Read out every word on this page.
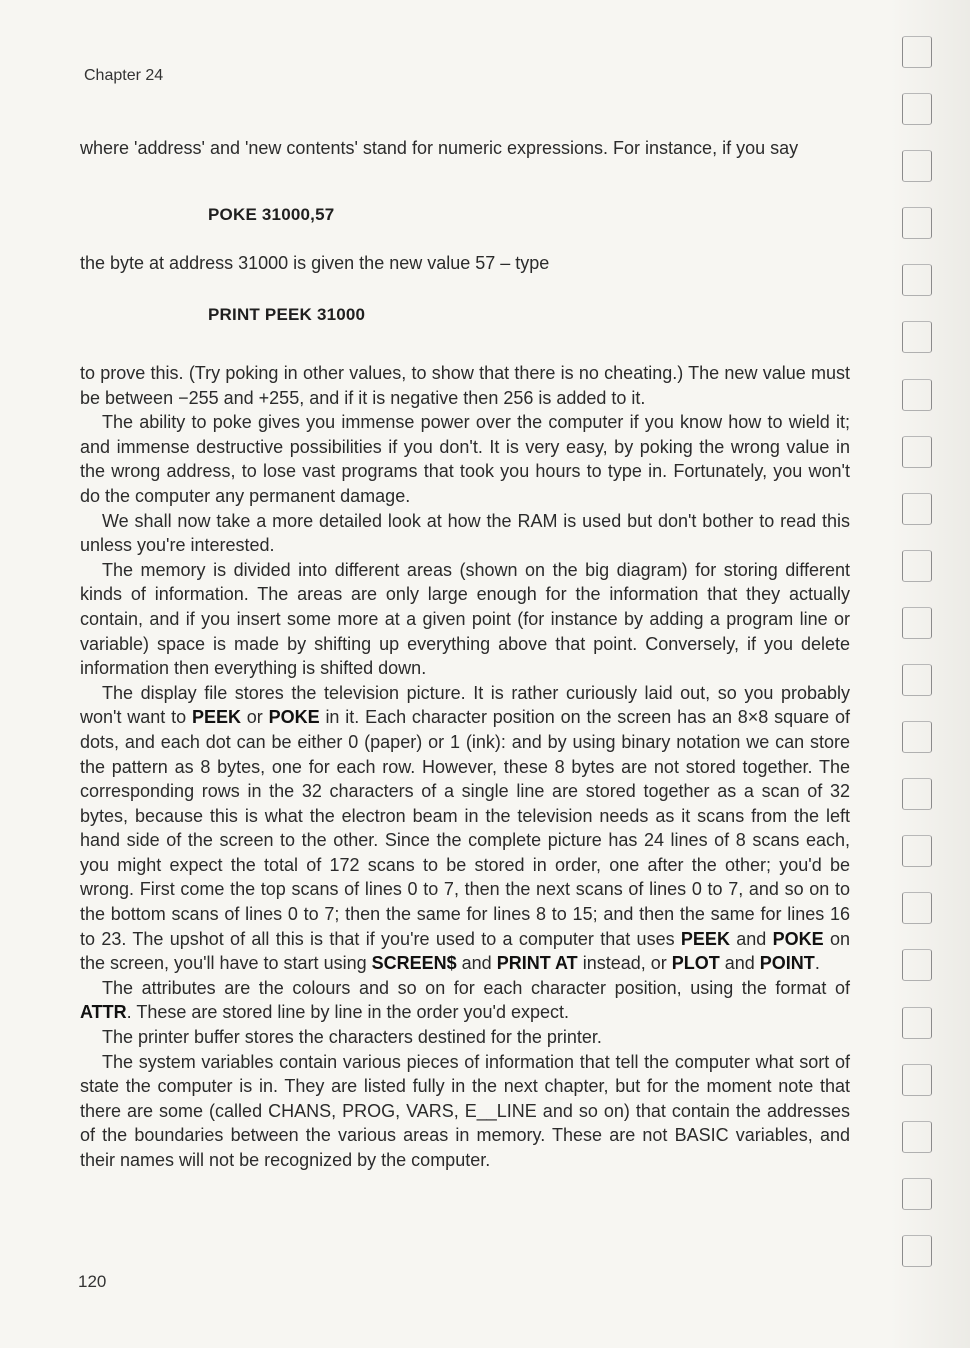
Chapter 24

where 'address' and 'new contents' stand for numeric expressions. For instance, if you say

POKE 31000,57

the byte at address 31000 is given the new value 57 – type

PRINT PEEK 31000

to prove this. (Try poking in other values, to show that there is no cheating.) The new value must be between −255 and +255, and if it is negative then 256 is added to it.

The ability to poke gives you immense power over the computer if you know how to wield it; and immense destructive possibilities if you don't. It is very easy, by poking the wrong value in the wrong address, to lose vast programs that took you hours to type in. Fortunately, you won't do the computer any permanent damage.

We shall now take a more detailed look at how the RAM is used but don't bother to read this unless you're interested.

The memory is divided into different areas (shown on the big diagram) for storing different kinds of information. The areas are only large enough for the information that they actually contain, and if you insert some more at a given point (for instance by adding a program line or variable) space is made by shifting up everything above that point. Conversely, if you delete information then everything is shifted down.

The display file stores the television picture. It is rather curiously laid out, so you probably won't want to PEEK or POKE in it. Each character position on the screen has an 8×8 square of dots, and each dot can be either 0 (paper) or 1 (ink): and by using binary notation we can store the pattern as 8 bytes, one for each row. However, these 8 bytes are not stored together. The corresponding rows in the 32 characters of a single line are stored together as a scan of 32 bytes, because this is what the electron beam in the television needs as it scans from the left hand side of the screen to the other. Since the complete picture has 24 lines of 8 scans each, you might expect the total of 172 scans to be stored in order, one after the other; you'd be wrong. First come the top scans of lines 0 to 7, then the next scans of lines 0 to 7, and so on to the bottom scans of lines 0 to 7; then the same for lines 8 to 15; and then the same for lines 16 to 23. The upshot of all this is that if you're used to a computer that uses PEEK and POKE on the screen, you'll have to start using SCREEN$ and PRINT AT instead, or PLOT and POINT.

The attributes are the colours and so on for each character position, using the format of ATTR. These are stored line by line in the order you'd expect.

The printer buffer stores the characters destined for the printer.

The system variables contain various pieces of information that tell the computer what sort of state the computer is in. They are listed fully in the next chapter, but for the moment note that there are some (called CHANS, PROG, VARS, E__LINE and so on) that contain the addresses of the boundaries between the various areas in memory. These are not BASIC variables, and their names will not be recognized by the computer.

120
